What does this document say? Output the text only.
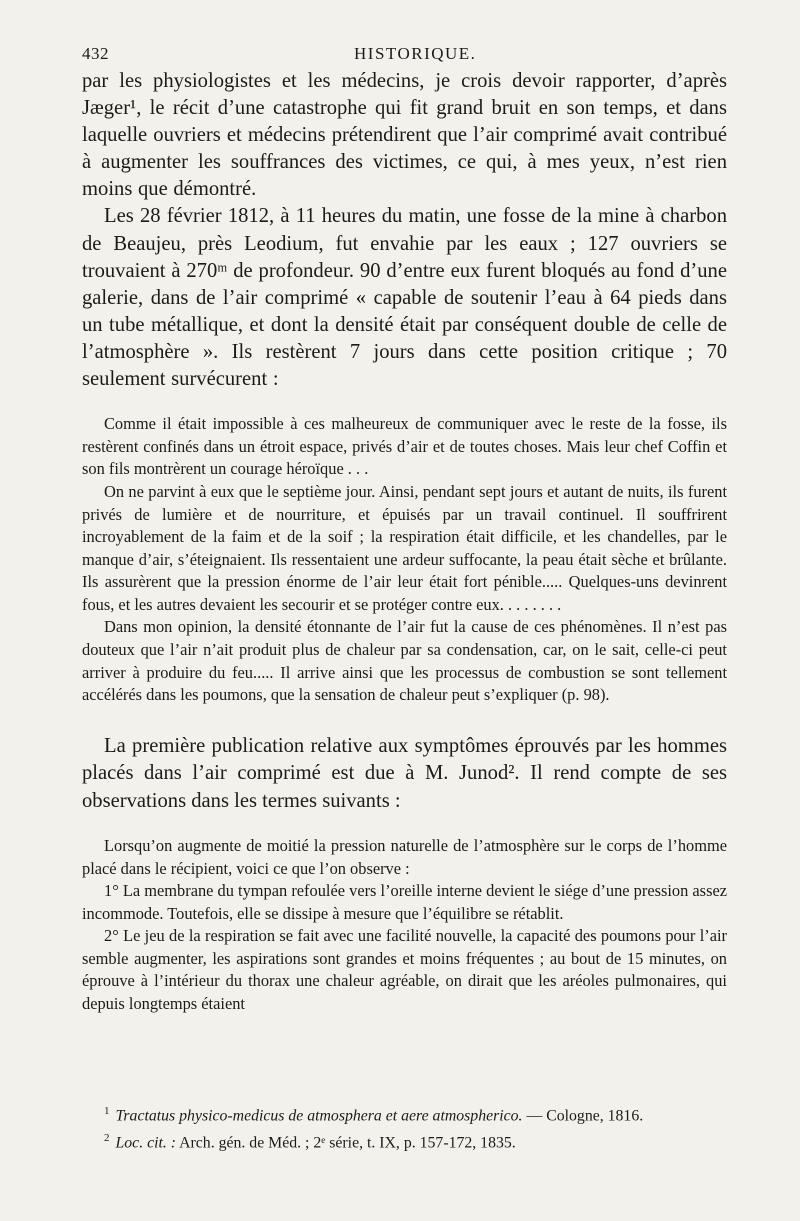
432	HISTORIQUE.

par les physiologistes et les médecins, je crois devoir rapporter, d’après Jæger¹, le récit d’une catastrophe qui fit grand bruit en son temps, et dans laquelle ouvriers et médecins prétendirent que l’air comprimé avait contribué à augmenter les souffrances des victimes, ce qui, à mes yeux, n’est rien moins que démontré.

Les 28 février 1812, à 11 heures du matin, une fosse de la mine à charbon de Beaujeu, près Leodium, fut envahie par les eaux ; 127 ouvriers se trouvaient à 270ᵐ de profondeur. 90 d’entre eux furent bloqués au fond d’une galerie, dans de l’air comprimé « capable de soutenir l’eau à 64 pieds dans un tube métallique, et dont la densité était par conséquent double de celle de l’atmosphère ». Ils restèrent 7 jours dans cette position critique ; 70 seulement survécurent :

Comme il était impossible à ces malheureux de communiquer avec le reste de la fosse, ils restèrent confinés dans un étroit espace, privés d’air et de toutes choses. Mais leur chef Coffin et son fils montrèrent un courage héroïque . . .

On ne parvint à eux que le septième jour. Ainsi, pendant sept jours et autant de nuits, ils furent privés de lumière et de nourriture, et épuisés par un travail continuel. Il souffrirent incroyablement de la faim et de la soif ; la respiration était difficile, et les chandelles, par le manque d’air, s’éteignaient. Ils ressentaient une ardeur suffocante, la peau était sèche et brûlante. Ils assurèrent que la pression énorme de l’air leur était fort pénible..... Quelques-uns devinrent fous, et les autres devaient les secourir et se protéger contre eux. . . . . . . .

Dans mon opinion, la densité étonnante de l’air fut la cause de ces phénomènes. Il n’est pas douteux que l’air n’ait produit plus de chaleur par sa condensation, car, on le sait, celle-ci peut arriver à produire du feu..... Il arrive ainsi que les processus de combustion se sont tellement accélérés dans les poumons, que la sensation de chaleur peut s’expliquer (p. 98).

La première publication relative aux symptômes éprouvés par les hommes placés dans l’air comprimé est due à M. Junod². Il rend compte de ses observations dans les termes suivants :

Lorsqu’on augmente de moitié la pression naturelle de l’atmosphère sur le corps de l’homme placé dans le récipient, voici ce que l’on observe :

1° La membrane du tympan refoulée vers l’oreille interne devient le siége d’une pression assez incommode. Toutefois, elle se dissipe à mesure que l’équilibre se rétablit.

2° Le jeu de la respiration se fait avec une facilité nouvelle, la capacité des poumons pour l’air semble augmenter, les aspirations sont grandes et moins fréquentes ; au bout de 15 minutes, on éprouve à l’intérieur du thorax une chaleur agréable, on dirait que les aréoles pulmonaires, qui depuis longtemps étaient

$^1$ Tractatus physico-medicus de atmosphera et aere atmospherico. — Cologne, 1816.

$^2$ Loc. cit. : Arch. gén. de Méd. ; 2ᵉ série, t. IX, p. 157-172, 1835.
